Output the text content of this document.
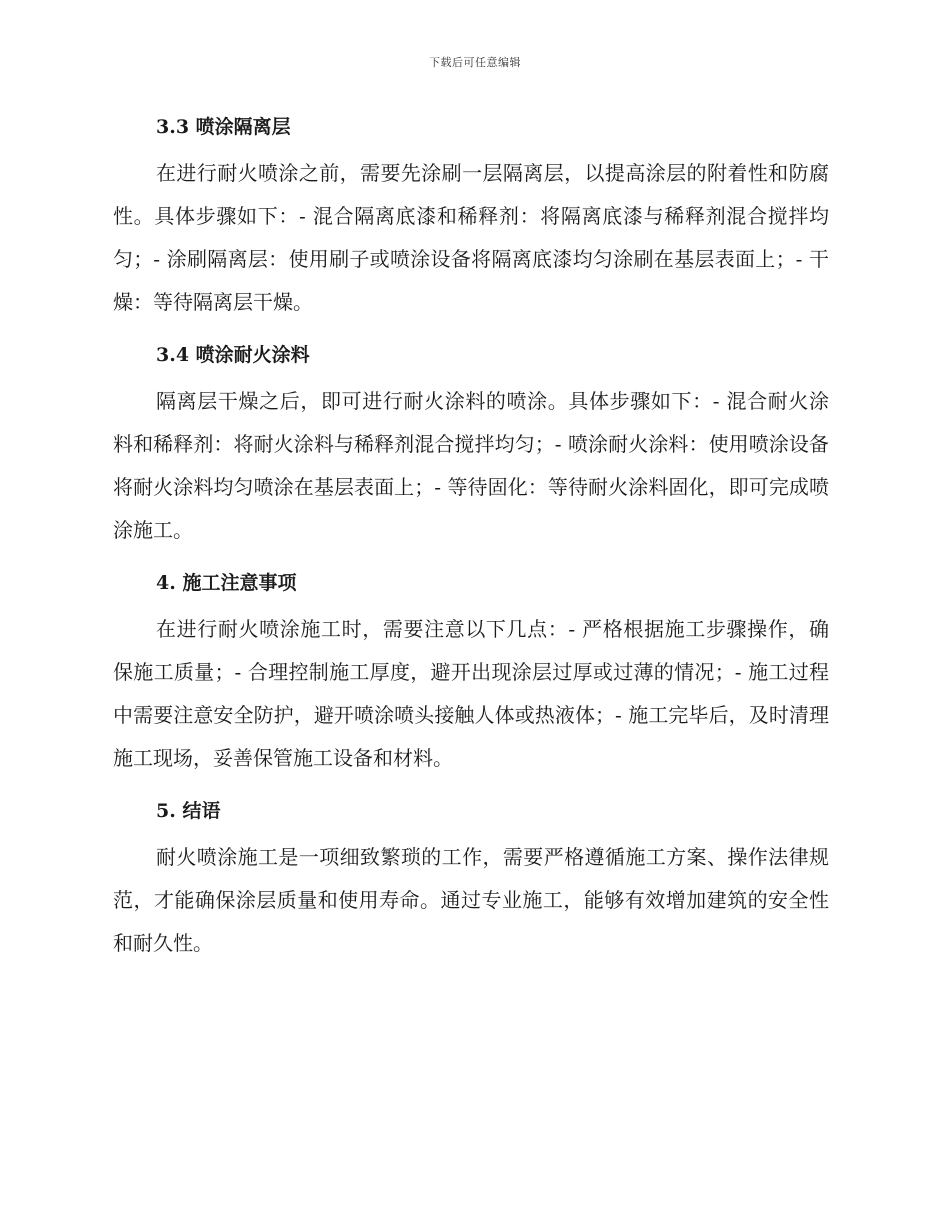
下载后可任意编辑
3.3 喷涂隔离层

在进行耐火喷涂之前，需要先涂刷一层隔离层，以提高涂层的附着性和防腐性。具体步骤如下：- 混合隔离底漆和稀释剂：将隔离底漆与稀释剂混合搅拌均匀；- 涂刷隔离层：使用刷子或喷涂设备将隔离底漆均匀涂刷在基层表面上；- 干燥：等待隔离层干燥。

3.4 喷涂耐火涂料

隔离层干燥之后，即可进行耐火涂料的喷涂。具体步骤如下：- 混合耐火涂料和稀释剂：将耐火涂料与稀释剂混合搅拌均匀；- 喷涂耐火涂料：使用喷涂设备将耐火涂料均匀喷涂在基层表面上；- 等待固化：等待耐火涂料固化，即可完成喷涂施工。

4. 施工注意事项

在进行耐火喷涂施工时，需要注意以下几点：- 严格根据施工步骤操作，确保施工质量；- 合理控制施工厚度，避开出现涂层过厚或过薄的情况；- 施工过程中需要注意安全防护，避开喷涂喷头接触人体或热液体；- 施工完毕后，及时清理施工现场，妥善保管施工设备和材料。

5. 结语

耐火喷涂施工是一项细致繁琐的工作，需要严格遵循施工方案、操作法律规范，才能确保涂层质量和使用寿命。通过专业施工，能够有效增加建筑的安全性和耐久性。
